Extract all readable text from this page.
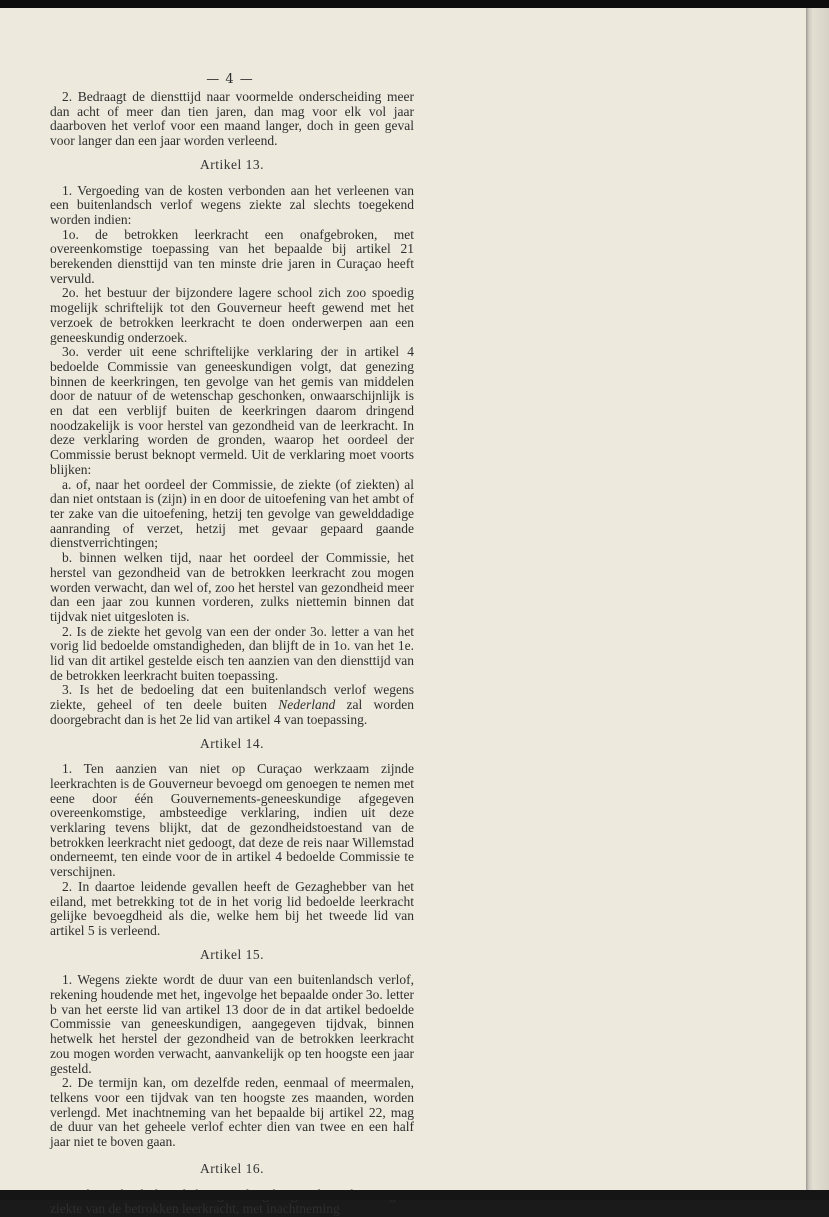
— 4 —

2. Bedraagt de diensttijd naar voormelde onderscheiding meer dan acht of meer dan tien jaren, dan mag voor elk vol jaar daarboven het verlof voor een maand langer, doch in geen geval voor langer dan een jaar worden verleend.

Artikel 13.

1. Vergoeding van de kosten verbonden aan het verleenen van een buitenlandsch verlof wegens ziekte zal slechts toegekend worden indien:

1o. de betrokken leerkracht een onafgebroken, met overeenkomstige toepassing van het bepaalde bij artikel 21 berekenden diensttijd van ten minste drie jaren in Curaçao heeft vervuld.

2o. het bestuur der bijzondere lagere school zich zoo spoedig mogelijk schriftelijk tot den Gouverneur heeft gewend met het verzoek de betrokken leerkracht te doen onderwerpen aan een geneeskundig onderzoek.

3o. verder uit eene schriftelijke verklaring der in artikel 4 bedoelde Commissie van geneeskundigen volgt, dat genezing binnen de keerkringen, ten gevolge van het gemis van middelen door de natuur of de wetenschap geschonken, onwaarschijnlijk is en dat een verblijf buiten de keerkringen daarom dringend noodzakelijk is voor herstel van gezondheid van de leerkracht. In deze verklaring worden de gronden, waarop het oordeel der Commissie berust beknopt vermeld. Uit de verklaring moet voorts blijken:

a. of, naar het oordeel der Commissie, de ziekte (of ziekten) al dan niet ontstaan is (zijn) in en door de uitoefening van het ambt of ter zake van die uitoefening, hetzij ten gevolge van gewelddadige aanranding of verzet, hetzij met gevaar gepaard gaande dienstverrichtingen;

b. binnen welken tijd, naar het oordeel der Commissie, het herstel van gezondheid van de betrokken leerkracht zou mogen worden verwacht, dan wel of, zoo het herstel van gezondheid meer dan een jaar zou kunnen vorderen, zulks niettemin binnen dat tijdvak niet uitgesloten is.

2. Is de ziekte het gevolg van een der onder 3o. letter a van het vorig lid bedoelde omstandigheden, dan blijft de in 1o. van het 1e. lid van dit artikel gestelde eisch ten aanzien van den diensttijd van de betrokken leerkracht buiten toepassing.

3. Is het de bedoeling dat een buitenlandsch verlof wegens ziekte, geheel of ten deele buiten Nederland zal worden doorgebracht dan is het 2e lid van artikel 4 van toepassing.

Artikel 14.

1. Ten aanzien van niet op Curaçao werkzaam zijnde leerkrachten is de Gouverneur bevoegd om genoegen te nemen met eene door één Gouvernements-geneeskundige afgegeven overeenkomstige, ambsteedige verklaring, indien uit deze verklaring tevens blijkt, dat de gezondheidstoestand van de betrokken leerkracht niet gedoogt, dat deze de reis naar Willemstad onderneemt, ten einde voor de in artikel 4 bedoelde Commissie te verschijnen.

2. In daartoe leidende gevallen heeft de Gezaghebber van het eiland, met betrekking tot de in het vorig lid bedoelde leerkracht gelijke bevoegdheid als die, welke hem bij het tweede lid van artikel 5 is verleend.

Artikel 15.

1. Wegens ziekte wordt de duur van een buitenlandsch verlof, rekening houdende met het, ingevolge het bepaalde onder 3o. letter b van het eerste lid van artikel 13 door de in dat artikel bedoelde Commissie van geneeskundigen, aangegeven tijdvak, binnen hetwelk het herstel der gezondheid van de betrokken leerkracht zou mogen worden verwacht, aanvankelijk op ten hoogste een jaar gesteld.

2. De termijn kan, om dezelfde reden, eenmaal of meermalen, telkens voor een tijdvak van ten hoogste zes maanden, worden verlengd. Met inachtneming van het bepaalde bij artikel 22, mag de duur van het geheele verlof echter dien van twee en een half jaar niet te boven gaan.

Artikel 16.

ziekte van de betrokken leerkracht, met inachtneming
